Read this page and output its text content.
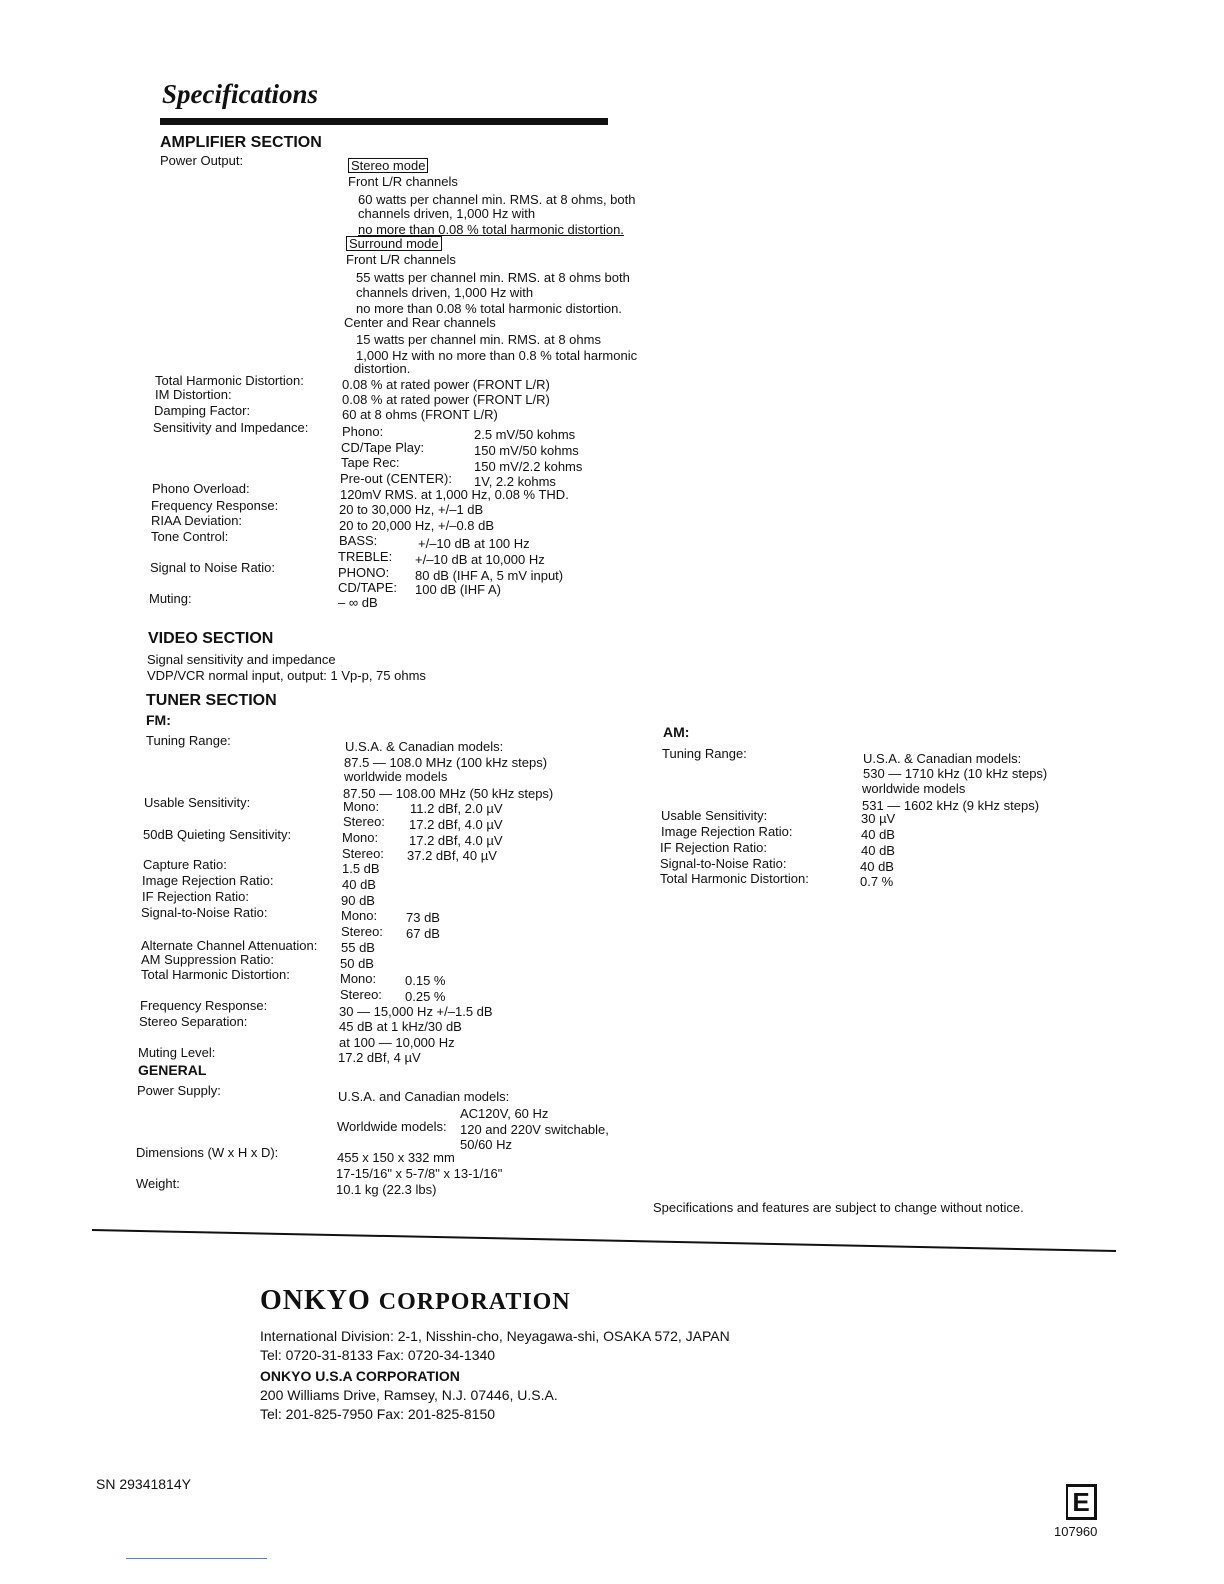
Specifications
AMPLIFIER SECTION
Power Output:	Stereo mode
Front L/R channels
60 watts per channel min. RMS. at 8 ohms, both
channels driven, 1,000 Hz with
no more than 0.08 % total harmonic distortion.
Surround mode
Front L/R channels
55 watts per channel min. RMS. at 8 ohms both
channels driven, 1,000 Hz with
no more than 0.08 % total harmonic distortion.
Center and Rear channels
15 watts per channel min. RMS. at 8 ohms
1,000 Hz with no more than 0.8 % total harmonic
distortion.
Total Harmonic Distortion:	0.08 % at rated power (FRONT L/R)
IM Distortion:	0.08 % at rated power (FRONT L/R)
Damping Factor:	60 at 8 ohms (FRONT L/R)
Sensitivity and Impedance:	Phono:	2.5 mV/50 kohms
CD/Tape Play:	150 mV/50 kohms
Tape Rec:	150 mV/2.2 kohms
Pre-out (CENTER): 1V, 2.2 kohms
Phono Overload:	120mV RMS. at 1,000 Hz, 0.08 % THD.
Frequency Response:	20 to 30,000 Hz, +/–1 dB
RIAA Deviation:	20 to 20,000 Hz, +/–0.8 dB
Tone Control:	BASS:	+/–10 dB at 100 Hz
TREBLE: +/–10 dB at 10,000 Hz
Signal to Noise Ratio:	PHONO: 80 dB (IHF A, 5 mV input)
CD/TAPE: 100 dB (IHF A)
Muting:	– ∞ dB
VIDEO SECTION
Signal sensitivity and impedance
VDP/VCR normal input, output: 1 Vp-p, 75 ohms
TUNER SECTION
FM:
Tuning Range:	U.S.A. & Canadian models:
87.5 — 108.0 MHz (100 kHz steps)
worldwide models
87.50 — 108.00 MHz (50 kHz steps)
Usable Sensitivity:	Mono: 11.2 dBf, 2.0 µV
Stereo: 17.2 dBf, 4.0 µV
50dB Quieting Sensitivity:	Mono: 17.2 dBf, 4.0 µV
Stereo: 37.2 dBf, 40 µV
Capture Ratio:	1.5 dB
Image Rejection Ratio:	40 dB
IF Rejection Ratio:	90 dB
Signal-to-Noise Ratio:	Mono: 73 dB
Stereo: 67 dB
Alternate Channel Attenuation: 55 dB
AM Suppression Ratio:	50 dB
Total Harmonic Distortion:	Mono: 0.15 %
Stereo: 0.25 %
Frequency Response:	30 — 15,000 Hz +/–1.5 dB
Stereo Separation:	45 dB at 1 kHz/30 dB
at 100 — 10,000 Hz
Muting Level:	17.2 dBf, 4 µV
AM:
Tuning Range:	U.S.A. & Canadian models:
530 — 1710 kHz (10 kHz steps)
worldwide models
531 — 1602 kHz (9 kHz steps)
Usable Sensitivity:	30 µV
Image Rejection Ratio:	40 dB
IF Rejection Ratio:	40 dB
Signal-to-Noise Ratio:	40 dB
Total Harmonic Distortion:	0.7 %
GENERAL
Power Supply:	U.S.A. and Canadian models:
AC120V, 60 Hz
Worldwide models: 120 and 220V switchable,
50/60 Hz
Dimensions (W x H x D):	455 x 150 x 332 mm
17-15/16" x 5-7/8" x 13-1/16"
Weight:	10.1 kg (22.3 lbs)
Specifications and features are subject to change without notice.
ONKYO CORPORATION
International Division: 2-1, Nisshin-cho, Neyagawa-shi, OSAKA 572, JAPAN
Tel: 0720-31-8133 Fax: 0720-34-1340
ONKYO U.S.A CORPORATION
200 Williams Drive, Ramsey, N.J. 07446, U.S.A.
Tel: 201-825-7950 Fax: 201-825-8150
SN 29341814Y
E
107960
